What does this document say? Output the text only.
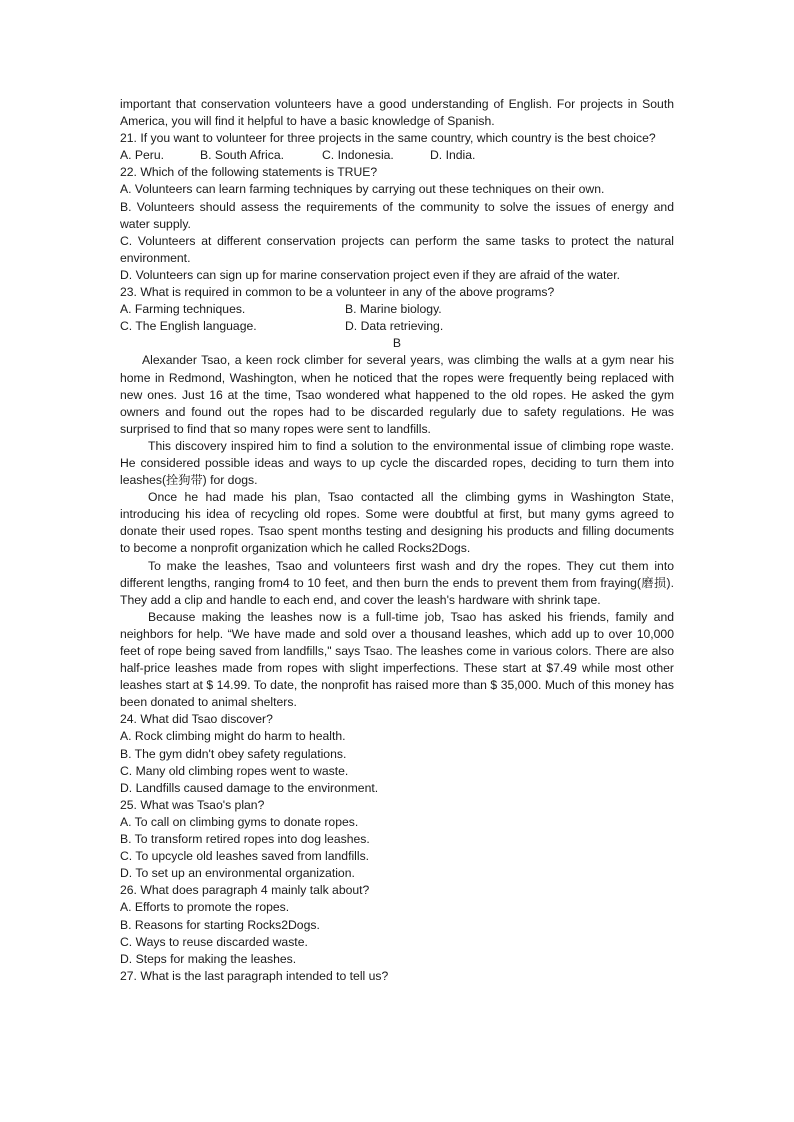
important that conservation volunteers have a good understanding of English. For projects in South America, you will find it helpful to have a basic knowledge of Spanish.

21. If you want to volunteer for three projects in the same country, which country is the best choice?

A. Peru.	B. South Africa.	C. Indonesia.	D. India.

22. Which of the following statements is TRUE?

A. Volunteers can learn farming techniques by carrying out these techniques on their own.

B. Volunteers should assess the requirements of the community to solve the issues of energy and water supply.

C. Volunteers at different conservation projects can perform the same tasks to protect the natural environment.

D. Volunteers can sign up for marine conservation project even if they are afraid of the water.

23. What is required in common to be a volunteer in any of the above programs?

A. Farming techniques.	B. Marine biology.
C. The English language.	D. Data retrieving.

B

Alexander Tsao, a keen rock climber for several years, was climbing the walls at a gym near his home in Redmond, Washington, when he noticed that the ropes were frequently being replaced with new ones. Just 16 at the time, Tsao wondered what happened to the old ropes. He asked the gym owners and found out the ropes had to be discarded regularly due to safety regulations. He was surprised to find that so many ropes were sent to landfills.

This discovery inspired him to find a solution to the environmental issue of climbing rope waste. He considered possible ideas and ways to up cycle the discarded ropes, deciding to turn them into leashes(拴狗带) for dogs.

Once he had made his plan, Tsao contacted all the climbing gyms in Washington State, introducing his idea of recycling old ropes. Some were doubtful at first, but many gyms agreed to donate their used ropes. Tsao spent months testing and designing his products and filling documents to become a nonprofit organization which he called Rocks2Dogs.

To make the leashes, Tsao and volunteers first wash and dry the ropes. They cut them into different lengths, ranging from4 to 10 feet, and then burn the ends to prevent them from fraying(磨损). They add a clip and handle to each end, and cover the leash's hardware with shrink tape.

Because making the leashes now is a full-time job, Tsao has asked his friends, family and neighbors for help. “We have made and sold over a thousand leashes, which add up to over 10,000 feet of rope being saved from landfills," says Tsao. The leashes come in various colors. There are also half-price leashes made from ropes with slight imperfections. These start at $7.49 while most other leashes start at $ 14.99. To date, the nonprofit has raised more than $ 35,000. Much of this money has been donated to animal shelters.

24. What did Tsao discover?

A. Rock climbing might do harm to health.

B. The gym didn't obey safety regulations.

C. Many old climbing ropes went to waste.

D. Landfills caused damage to the environment.

25. What was Tsao's plan?

A. To call on climbing gyms to donate ropes.

B. To transform retired ropes into dog leashes.

C. To upcycle old leashes saved from landfills.

D. To set up an environmental organization.

26. What does paragraph 4 mainly talk about?

A. Efforts to promote the ropes.

B. Reasons for starting Rocks2Dogs.

C. Ways to reuse discarded waste.

D. Steps for making the leashes.

27. What is the last paragraph intended to tell us?
